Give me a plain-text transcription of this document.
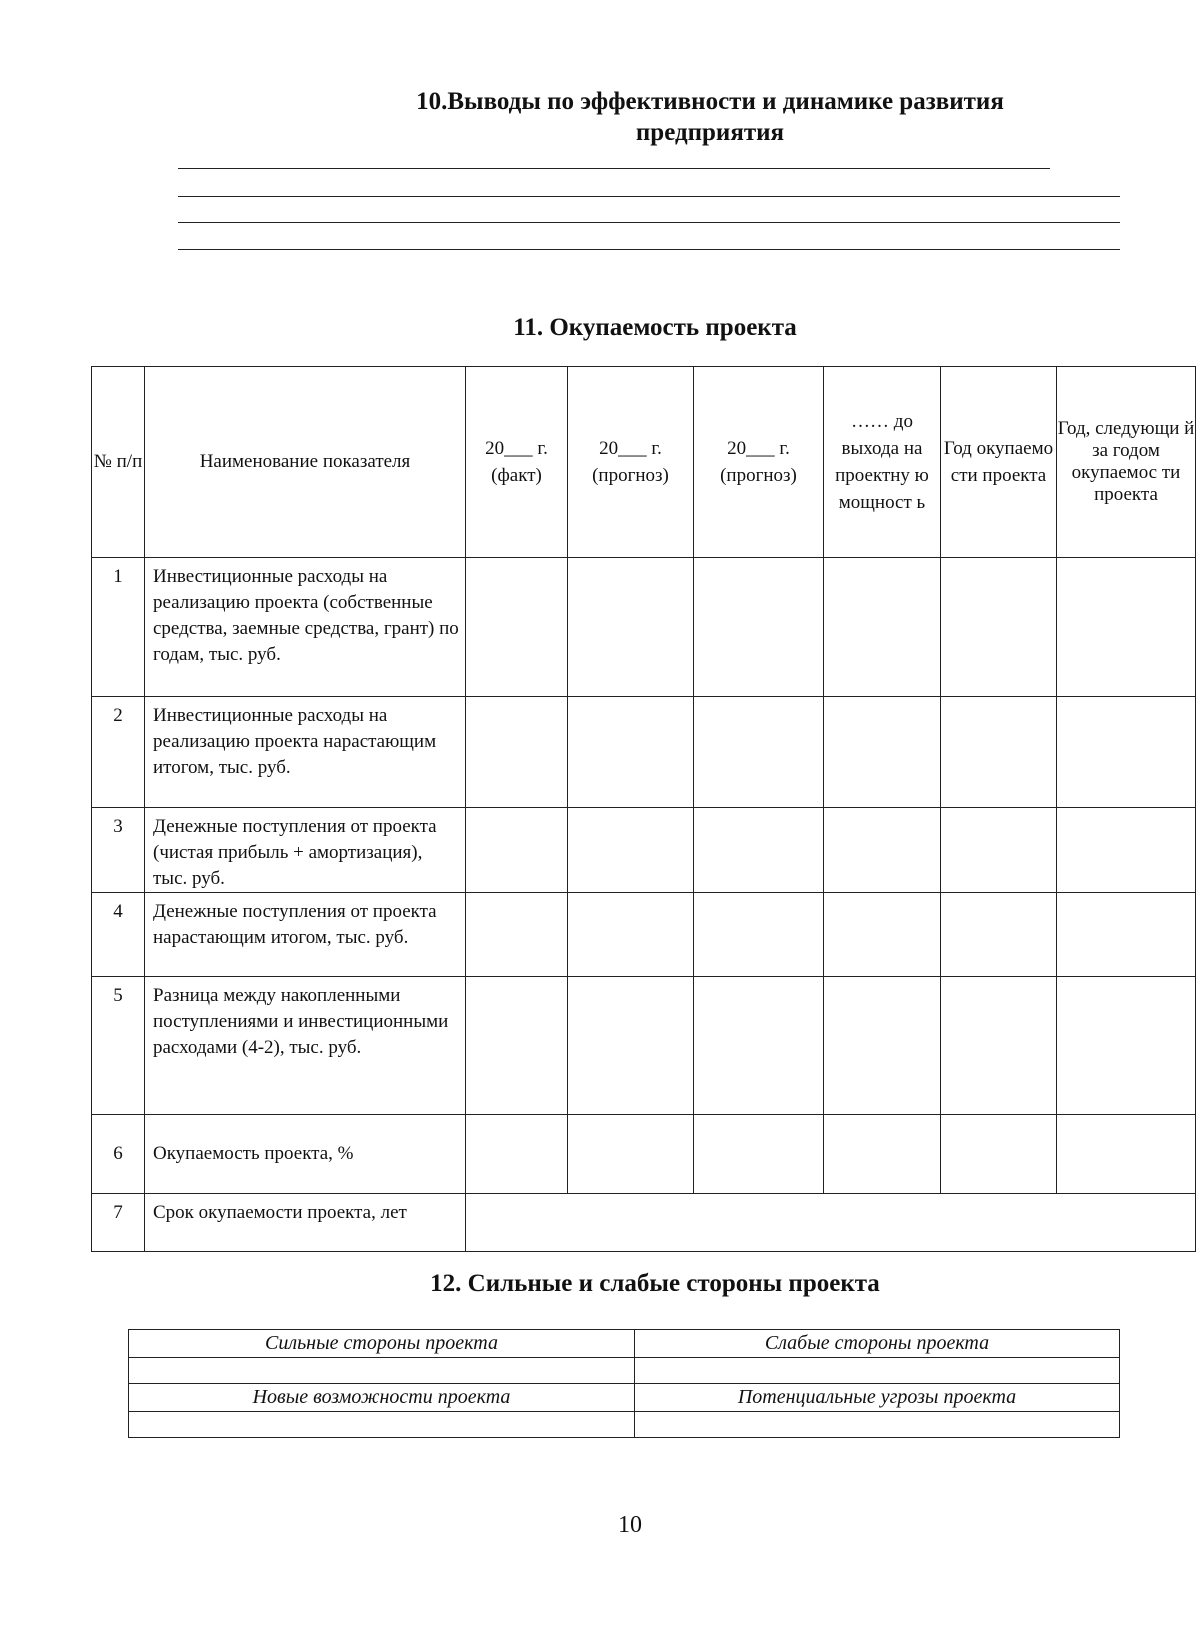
10.Выводы по эффективности и динамике развития
предприятия
11. Окупаемость проекта
№ п/п	Наименование показателя	20___ г. (факт)	20___ г. (прогноз)	20___ г. (прогноз)	…… до выхода на проектну ю мощност ь	Год окупаемо сти проекта	Год, следующи й за годом окупаемос ти проекта
1	Инвестиционные расходы на реализацию проекта (собственные средства, заемные средства, грант) по годам, тыс. руб.						
2	Инвестиционные расходы на реализацию проекта нарастающим итогом, тыс. руб.						
3	Денежные поступления от проекта (чистая прибыль + амортизация), тыс. руб.						
4	Денежные поступления от проекта нарастающим итогом, тыс. руб.						
5	Разница между накопленными поступлениями и инвестиционными расходами (4-2), тыс. руб.						
6	Окупаемость проекта, %						
7	Срок окупаемости проекта, лет						
12. Сильные и слабые стороны проекта
Сильные стороны проекта	Слабые стороны проекта

Новые возможности проекта	Потенциальные угрозы проекта

10
